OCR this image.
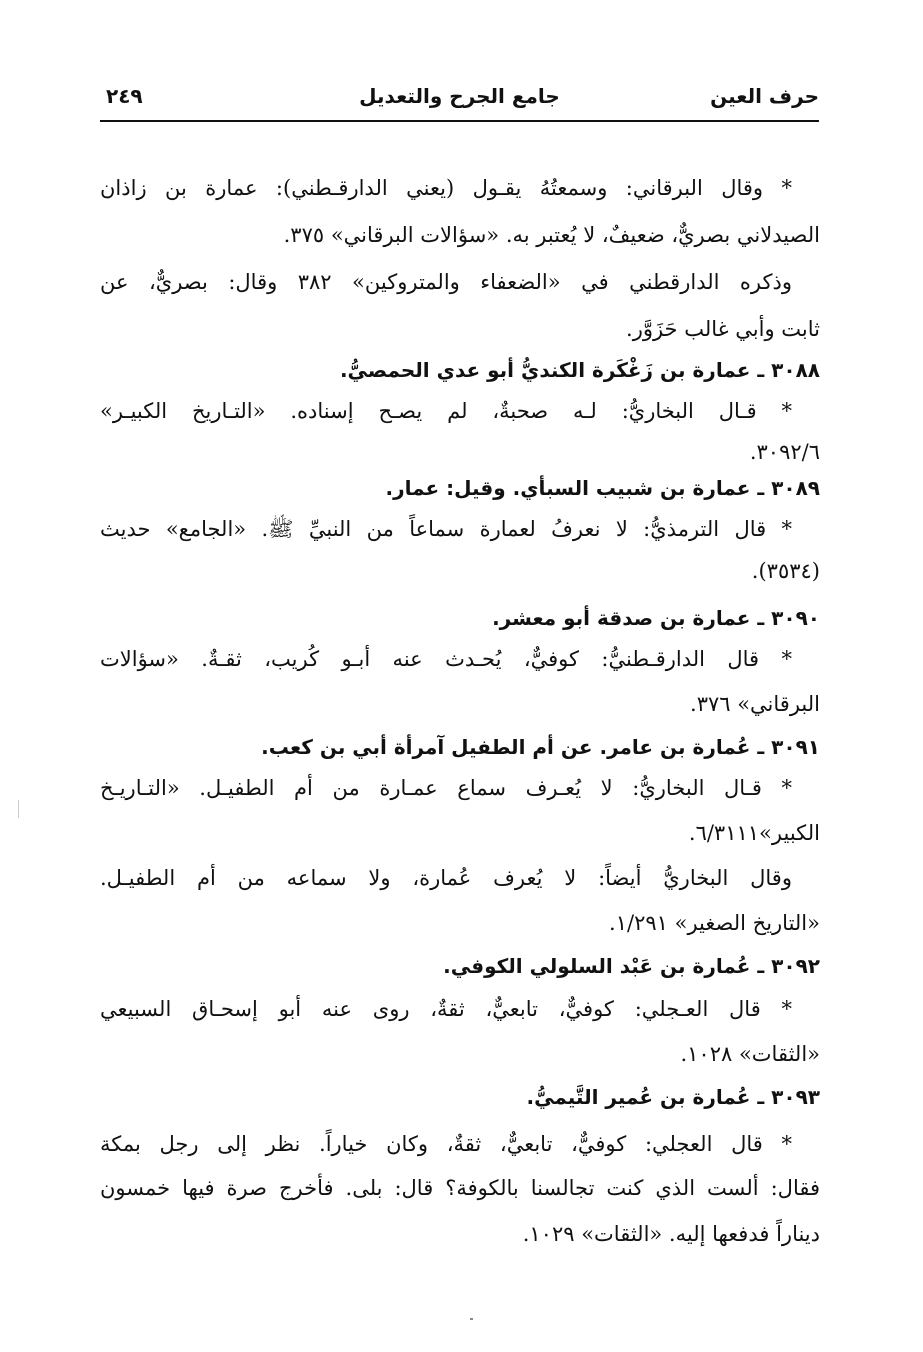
حرف العين
جامع الجرح والتعديل
٢٤٩
* وقال البرقاني: وسمعتُهُ يقـول (يعني الدارقـطني): عمارة بن زاذان
الصيدلاني بصريٌّ، ضعيفٌ، لا يُعتبر به. «سؤالات البرقاني» ٣٧٥.
وذكره الدارقطني في «الضعفاء والمتروكين» ٣٨٢ وقال: بصريٌّ، عن
ثابت وأبي غالب حَزَوَّر.
٣٠٨٨ ـ عمارة بن زَغْكَرة الكنديُّ أبو عدي الحمصيُّ.
* قـال البخاريُّ: لـه صحبةٌ، لم يصـح إسناده. «التـاريخ الكبيـر»
٣٠٩٢/٦.
٣٠٨٩ ـ عمارة بن شبيب السبأي. وقيل: عمار.
* قال الترمذيُّ: لا نعرفُ لعمارة سماعاً من النبيِّ ﷺ. «الجامع» حديث
(٣٥٣٤).
٣٠٩٠ ـ عمارة بن صدقة أبو معشر.
* قال الدارقـطنيُّ: كوفيٌّ، يُحـدث عنه أبـو كُريب، ثقـةٌ. «سؤالات
البرقاني» ٣٧٦.
٣٠٩١ ـ عُمارة بن عامر. عن أم الطفيل آمرأة أبي بن كعب.
* قـال البخاريُّ: لا يُعـرف سماع عمـارة من أم الطفيـل. «التـاريـخ
الكبير»٦/٣١١١.
وقال البخاريُّ أيضاً: لا يُعرف عُمارة، ولا سماعه من أم الطفيـل.
«التاريخ الصغير» ١/٢٩١.
٣٠٩٢ ـ عُمارة بن عَبْد السلولي الكوفي.
* قال العـجلي: كوفيٌّ، تابعيٌّ، ثقةٌ، روى عنه أبو إسحـاق السبيعي
«الثقات» ١٠٢٨.
٣٠٩٣ ـ عُمارة بن عُمير التَّيميُّ.
* قال العجلي: كوفيٌّ، تابعيٌّ، ثقةٌ، وكان خياراً. نظر إلى رجل بمكة
فقال: ألست الذي كنت تجالسنا بالكوفة؟ قال: بلى. فأخرج صرة فيها خمسون
ديناراً فدفعها إليه. «الثقات» ١٠٢٩.
